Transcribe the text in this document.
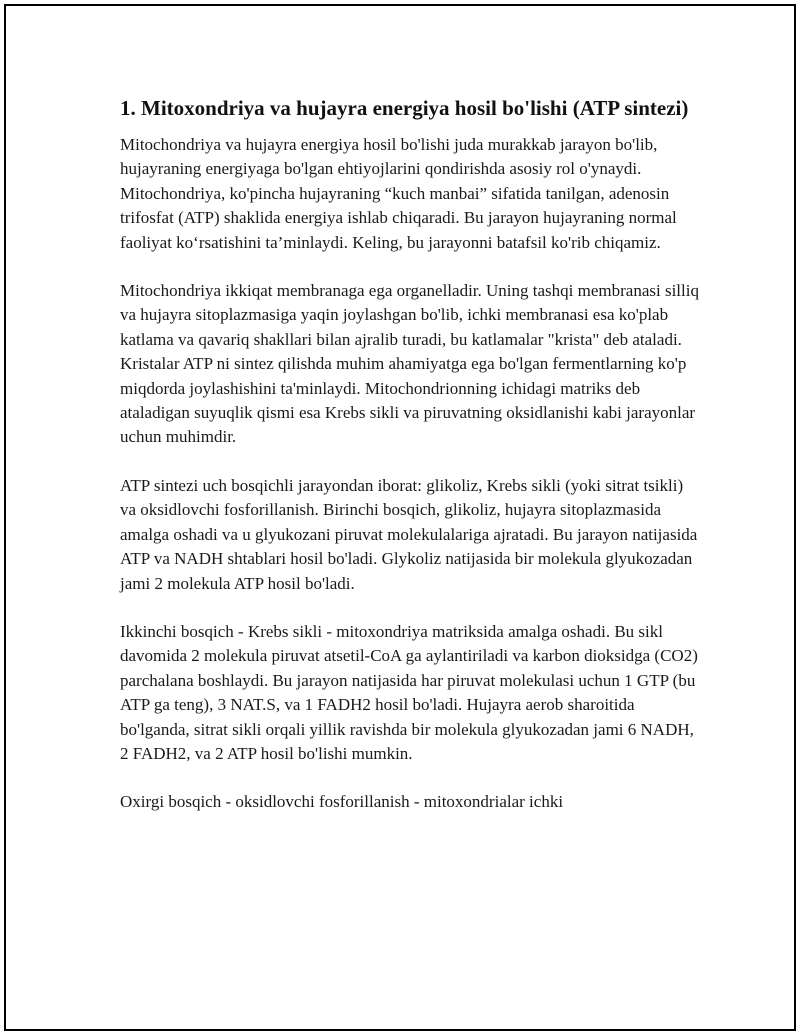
1. Mitoxondriya va hujayra energiya hosil bo'lishi (ATP sintezi)

Mitochondriya va hujayra energiya hosil bo'lishi juda murakkab jarayon bo'lib, hujayraning energiyaga bo'lgan ehtiyojlarini qondirishda asosiy rol o'ynaydi. Mitochondriya, ko'pincha hujayraning “kuch manbai” sifatida tanilgan, adenosin trifosfat (ATP) shaklida energiya ishlab chiqaradi. Bu jarayon hujayraning normal faoliyat ko‘rsatishini ta’minlaydi. Keling, bu jarayonni batafsil ko'rib chiqamiz.

Mitochondriya ikkiqat membranaga ega organelladir. Uning tashqi membranasi silliq va hujayra sitoplazmasiga yaqin joylashgan bo'lib, ichki membranasi esa ko'plab katlama va qavariq shakllari bilan ajralib turadi, bu katlamalar "krista" deb ataladi. Kristalar ATP ni sintez qilishda muhim ahamiyatga ega bo'lgan fermentlarning ko'p miqdorda joylashishini ta'minlaydi. Mitochondrionning ichidagi matriks deb ataladigan suyuqlik qismi esa Krebs sikli va piruvatning oksidlanishi kabi jarayonlar uchun muhimdir.

ATP sintezi uch bosqichli jarayondan iborat: glikoliz, Krebs sikli (yoki sitrat tsikli) va oksidlovchi fosforillanish. Birinchi bosqich, glikoliz, hujayra sitoplazmasida amalga oshadi va u glyukozani piruvat molekulalariga ajratadi. Bu jarayon natijasida ATP va NADH shtablari hosil bo'ladi. Glykoliz natijasida bir molekula glyukozadan jami 2 molekula ATP hosil bo'ladi.

Ikkinchi bosqich - Krebs sikli - mitoxondriya matriksida amalga oshadi. Bu sikl davomida 2 molekula piruvat atsetil-CoA ga aylantiriladi va karbon dioksidga (CO2) parchalana boshlaydi. Bu jarayon natijasida har piruvat molekulasi uchun 1 GTP (bu ATP ga teng), 3 NAT.S, va 1 FADH2 hosil bo'ladi. Hujayra aerob sharoitida bo'lganda, sitrat sikli orqali yillik ravishda bir molekula glyukozadan jami 6 NADH, 2 FADH2, va 2 ATP hosil bo'lishi mumkin.

Oxirgi bosqich - oksidlovchi fosforillanish - mitoxondrialar ichki
